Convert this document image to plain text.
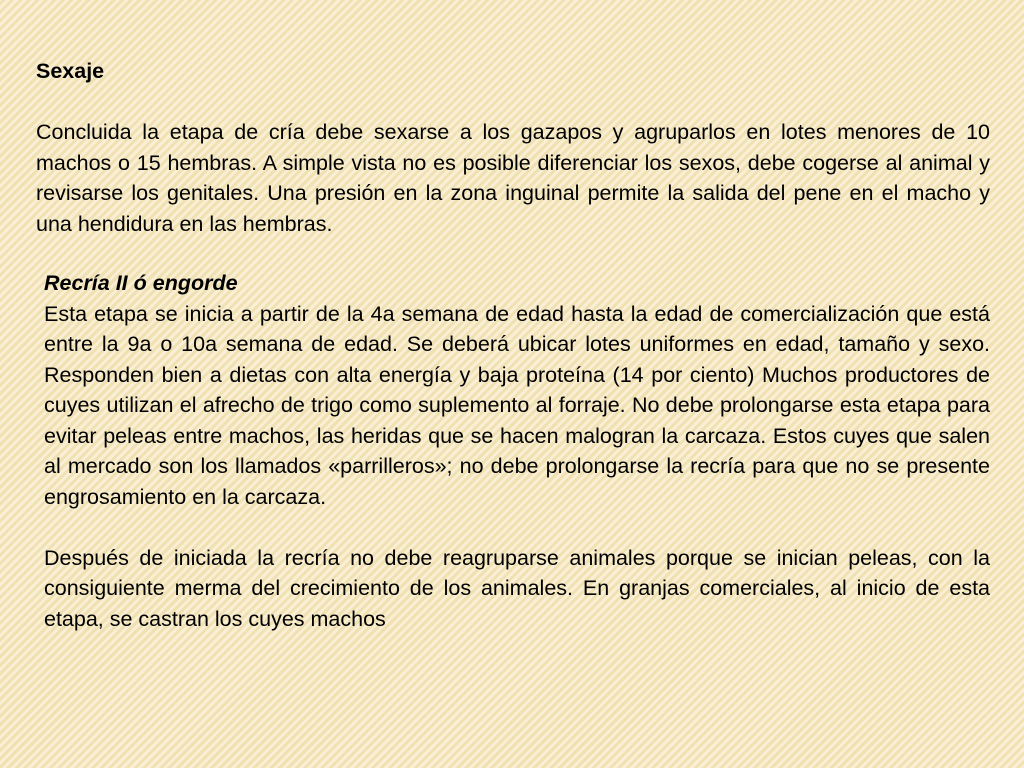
Sexaje

Concluida la etapa de cría debe sexarse a los gazapos y agruparlos en lotes menores de 10 machos o 15 hembras. A simple vista no es posible diferenciar los sexos, debe cogerse al animal y revisarse los genitales. Una presión en la zona inguinal permite la salida del pene en el macho y una hendidura en las hembras.

Recría II ó engorde

Esta etapa se inicia a partir de la 4a semana de edad hasta la edad de comercialización que está entre la 9a o 10a semana de edad. Se deberá ubicar lotes uniformes en edad, tamaño y sexo. Responden bien a dietas con alta energía y baja proteína (14 por ciento) Muchos productores de cuyes utilizan el afrecho de trigo como suplemento al forraje. No debe prolongarse esta etapa para evitar peleas entre machos, las heridas que se hacen malogran la carcaza. Estos cuyes que salen al mercado son los llamados «parrilleros»; no debe prolongarse la recría para que no se presente engrosamiento en la carcaza.

Después de iniciada la recría no debe reagruparse animales porque se inician peleas, con la consiguiente merma del crecimiento de los animales. En granjas comerciales, al inicio de esta etapa, se castran los cuyes machos
